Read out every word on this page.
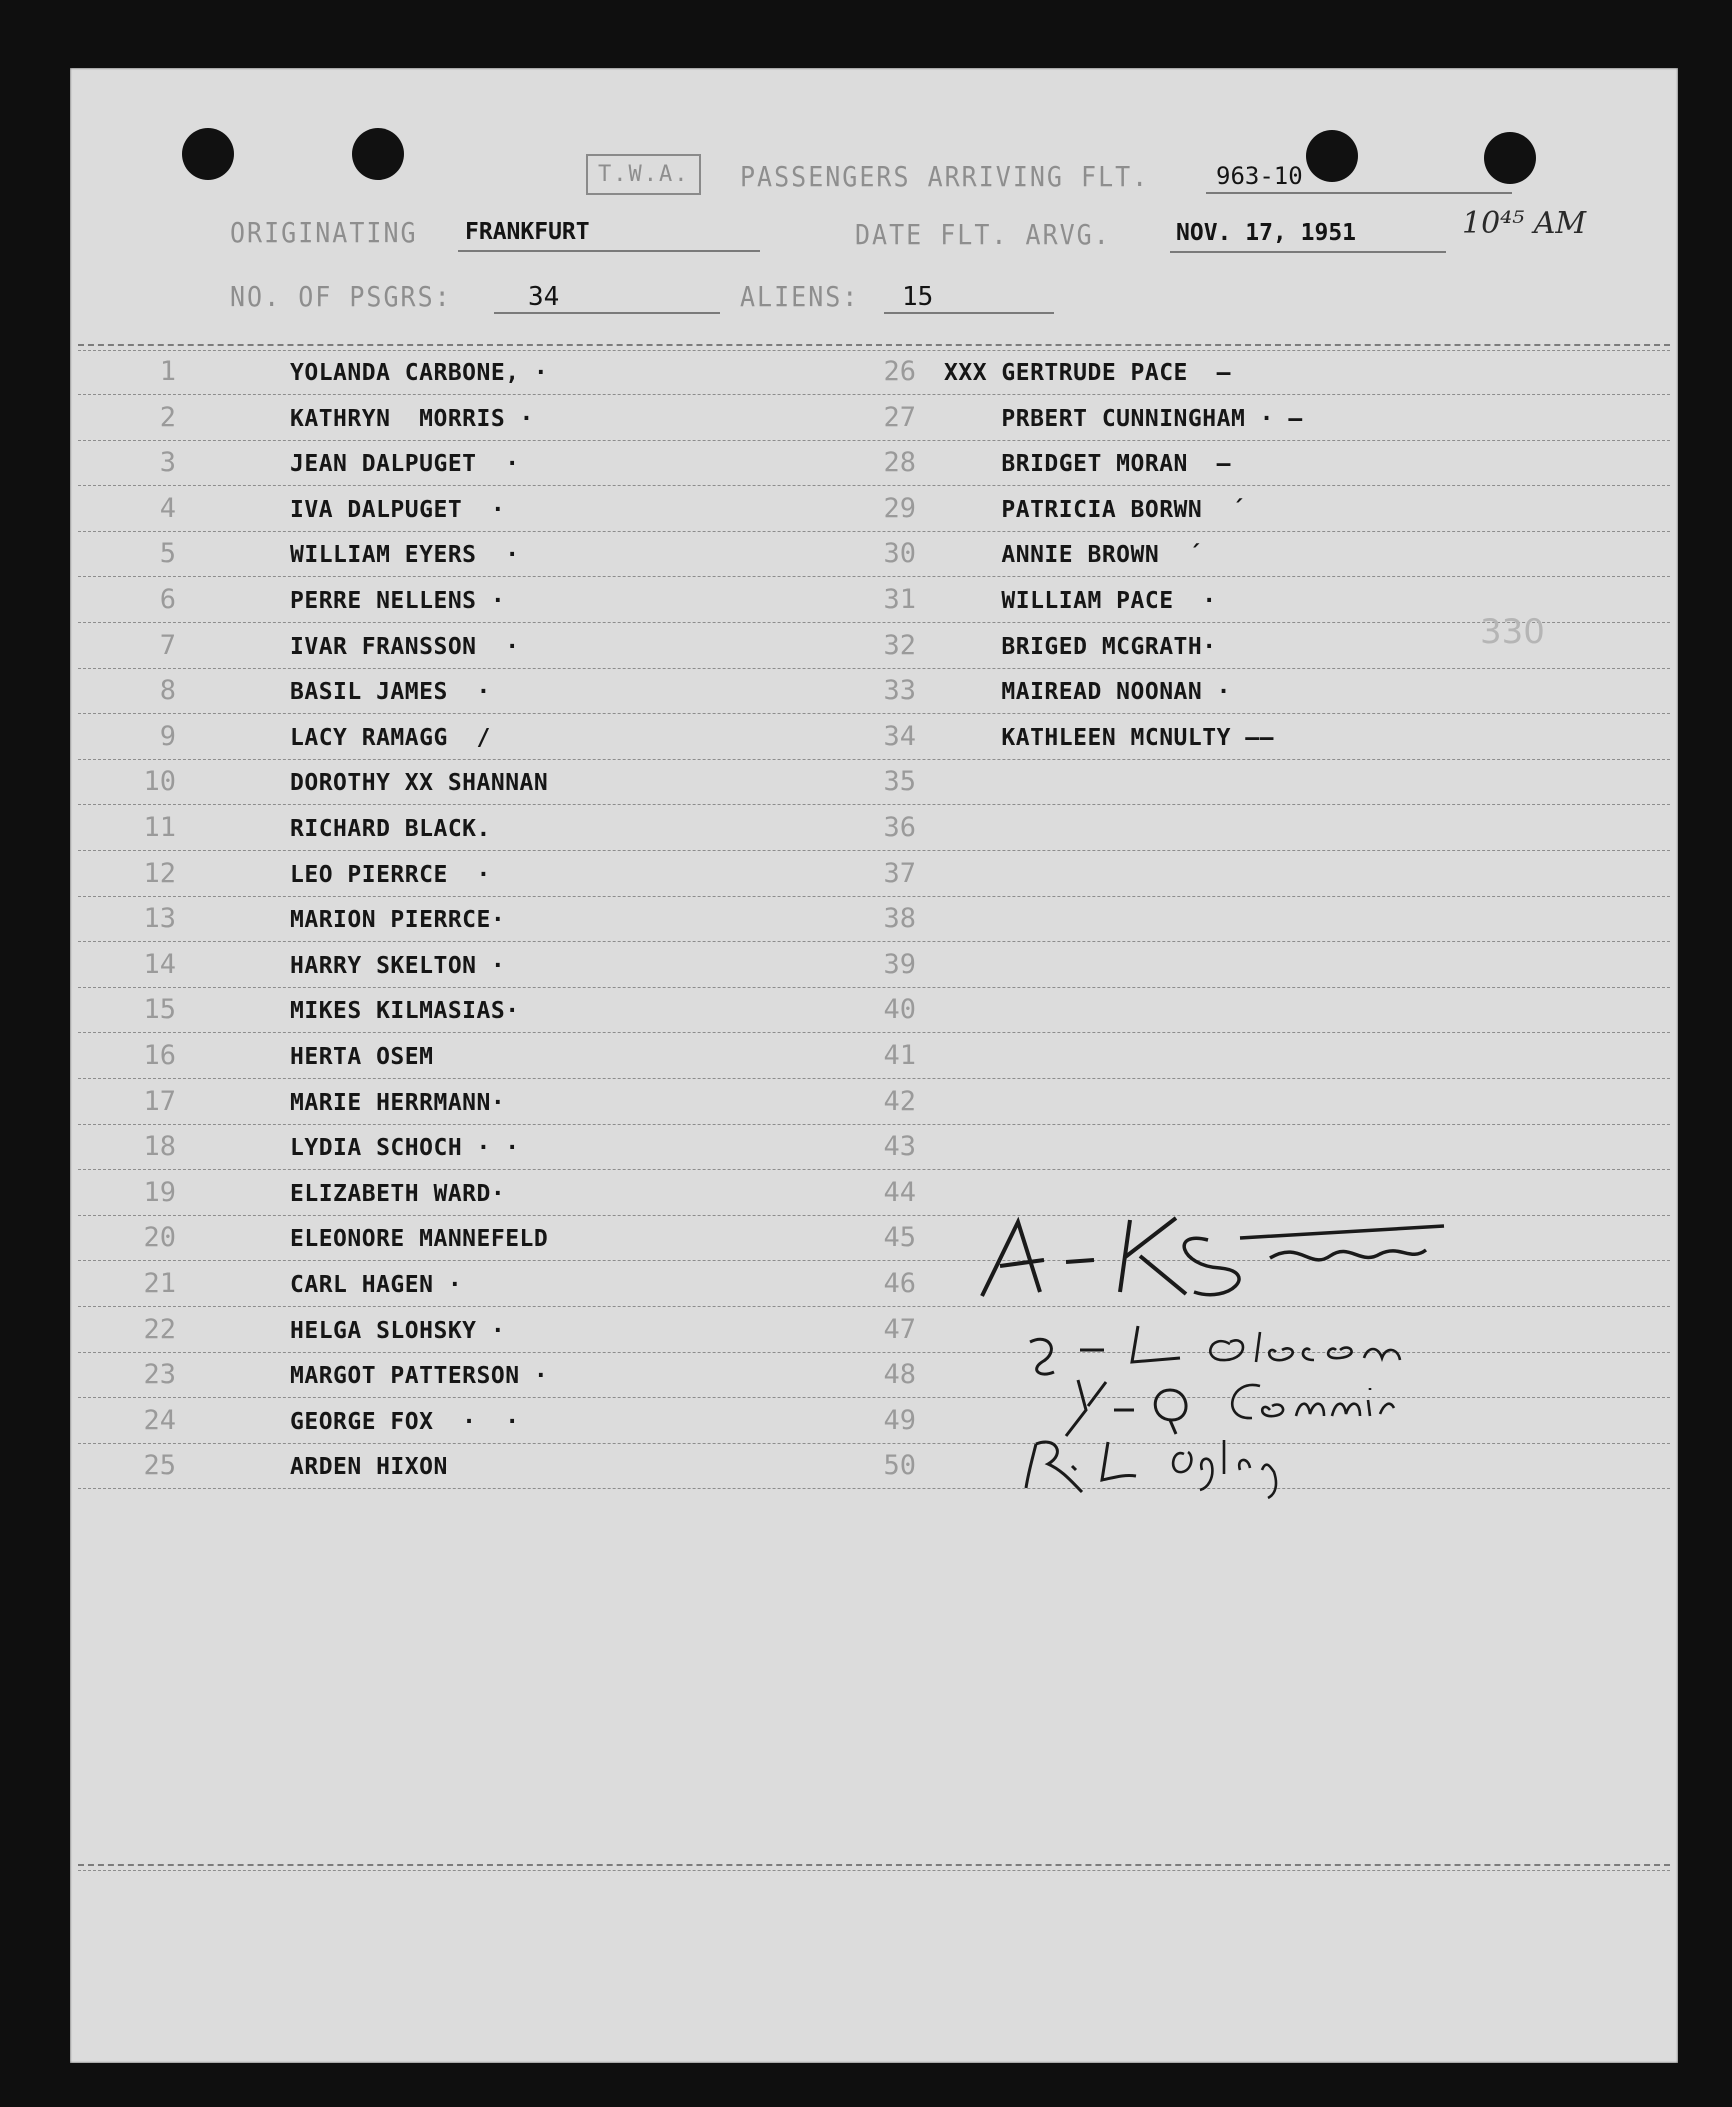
T.W.A.	PASSENGERS ARRIVING FLT.	963-10
ORIGINATING FRANKFURT	DATE FLT. ARVG.	NOV. 17, 1951	10⁴⁵ AM
NO. OF PSGRS:	34	ALIENS: 15
1	YOLANDA CARBONE, ·	26 XXX GERTRUDE PACE  —
2	KATHRYN  MORRIS ·	27 PRBERT CUNNINGHAM · —
3	JEAN DALPUGET  ·	28 BRIDGET MORAN  —
4	IVA DALPUGET  ·	29 PATRICIA BORWN  ´
5	WILLIAM EYERS  ·	30 ANNIE BROWN  ´
6	PERRE NELLENS ·	31 WILLIAM PACE  ·
7	IVAR FRANSSON  ·	32 BRIGED MCGRATH·
8	BASIL JAMES  ·	33 MAIREAD NOONAN ·
9	LACY RAMAGG  /	34 KATHLEEN MCNULTY ——
10	DOROTHY XX SHANNAN	35
11	RICHARD BLACK.	36
12	LEO PIERRCE  ·	37
13	MARION PIERRCE·	38
14	HARRY SKELTON ·	39
15	MIKES KILMASIAS·	40
16	HERTA OSEM	41
17	MARIE HERRMANN·	42
18	LYDIA SCHOCH · ·	43
19	ELIZABETH WARD·	44
20	ELEONORE MANNEFELD	45
21	CARL HAGEN ·	46
22	HELGA SLOHSKY ·	47
23	MARGOT PATTERSON ·	48
24	GEORGE FOX  ·  ·	49
25	ARDEN HIXON	50
330
